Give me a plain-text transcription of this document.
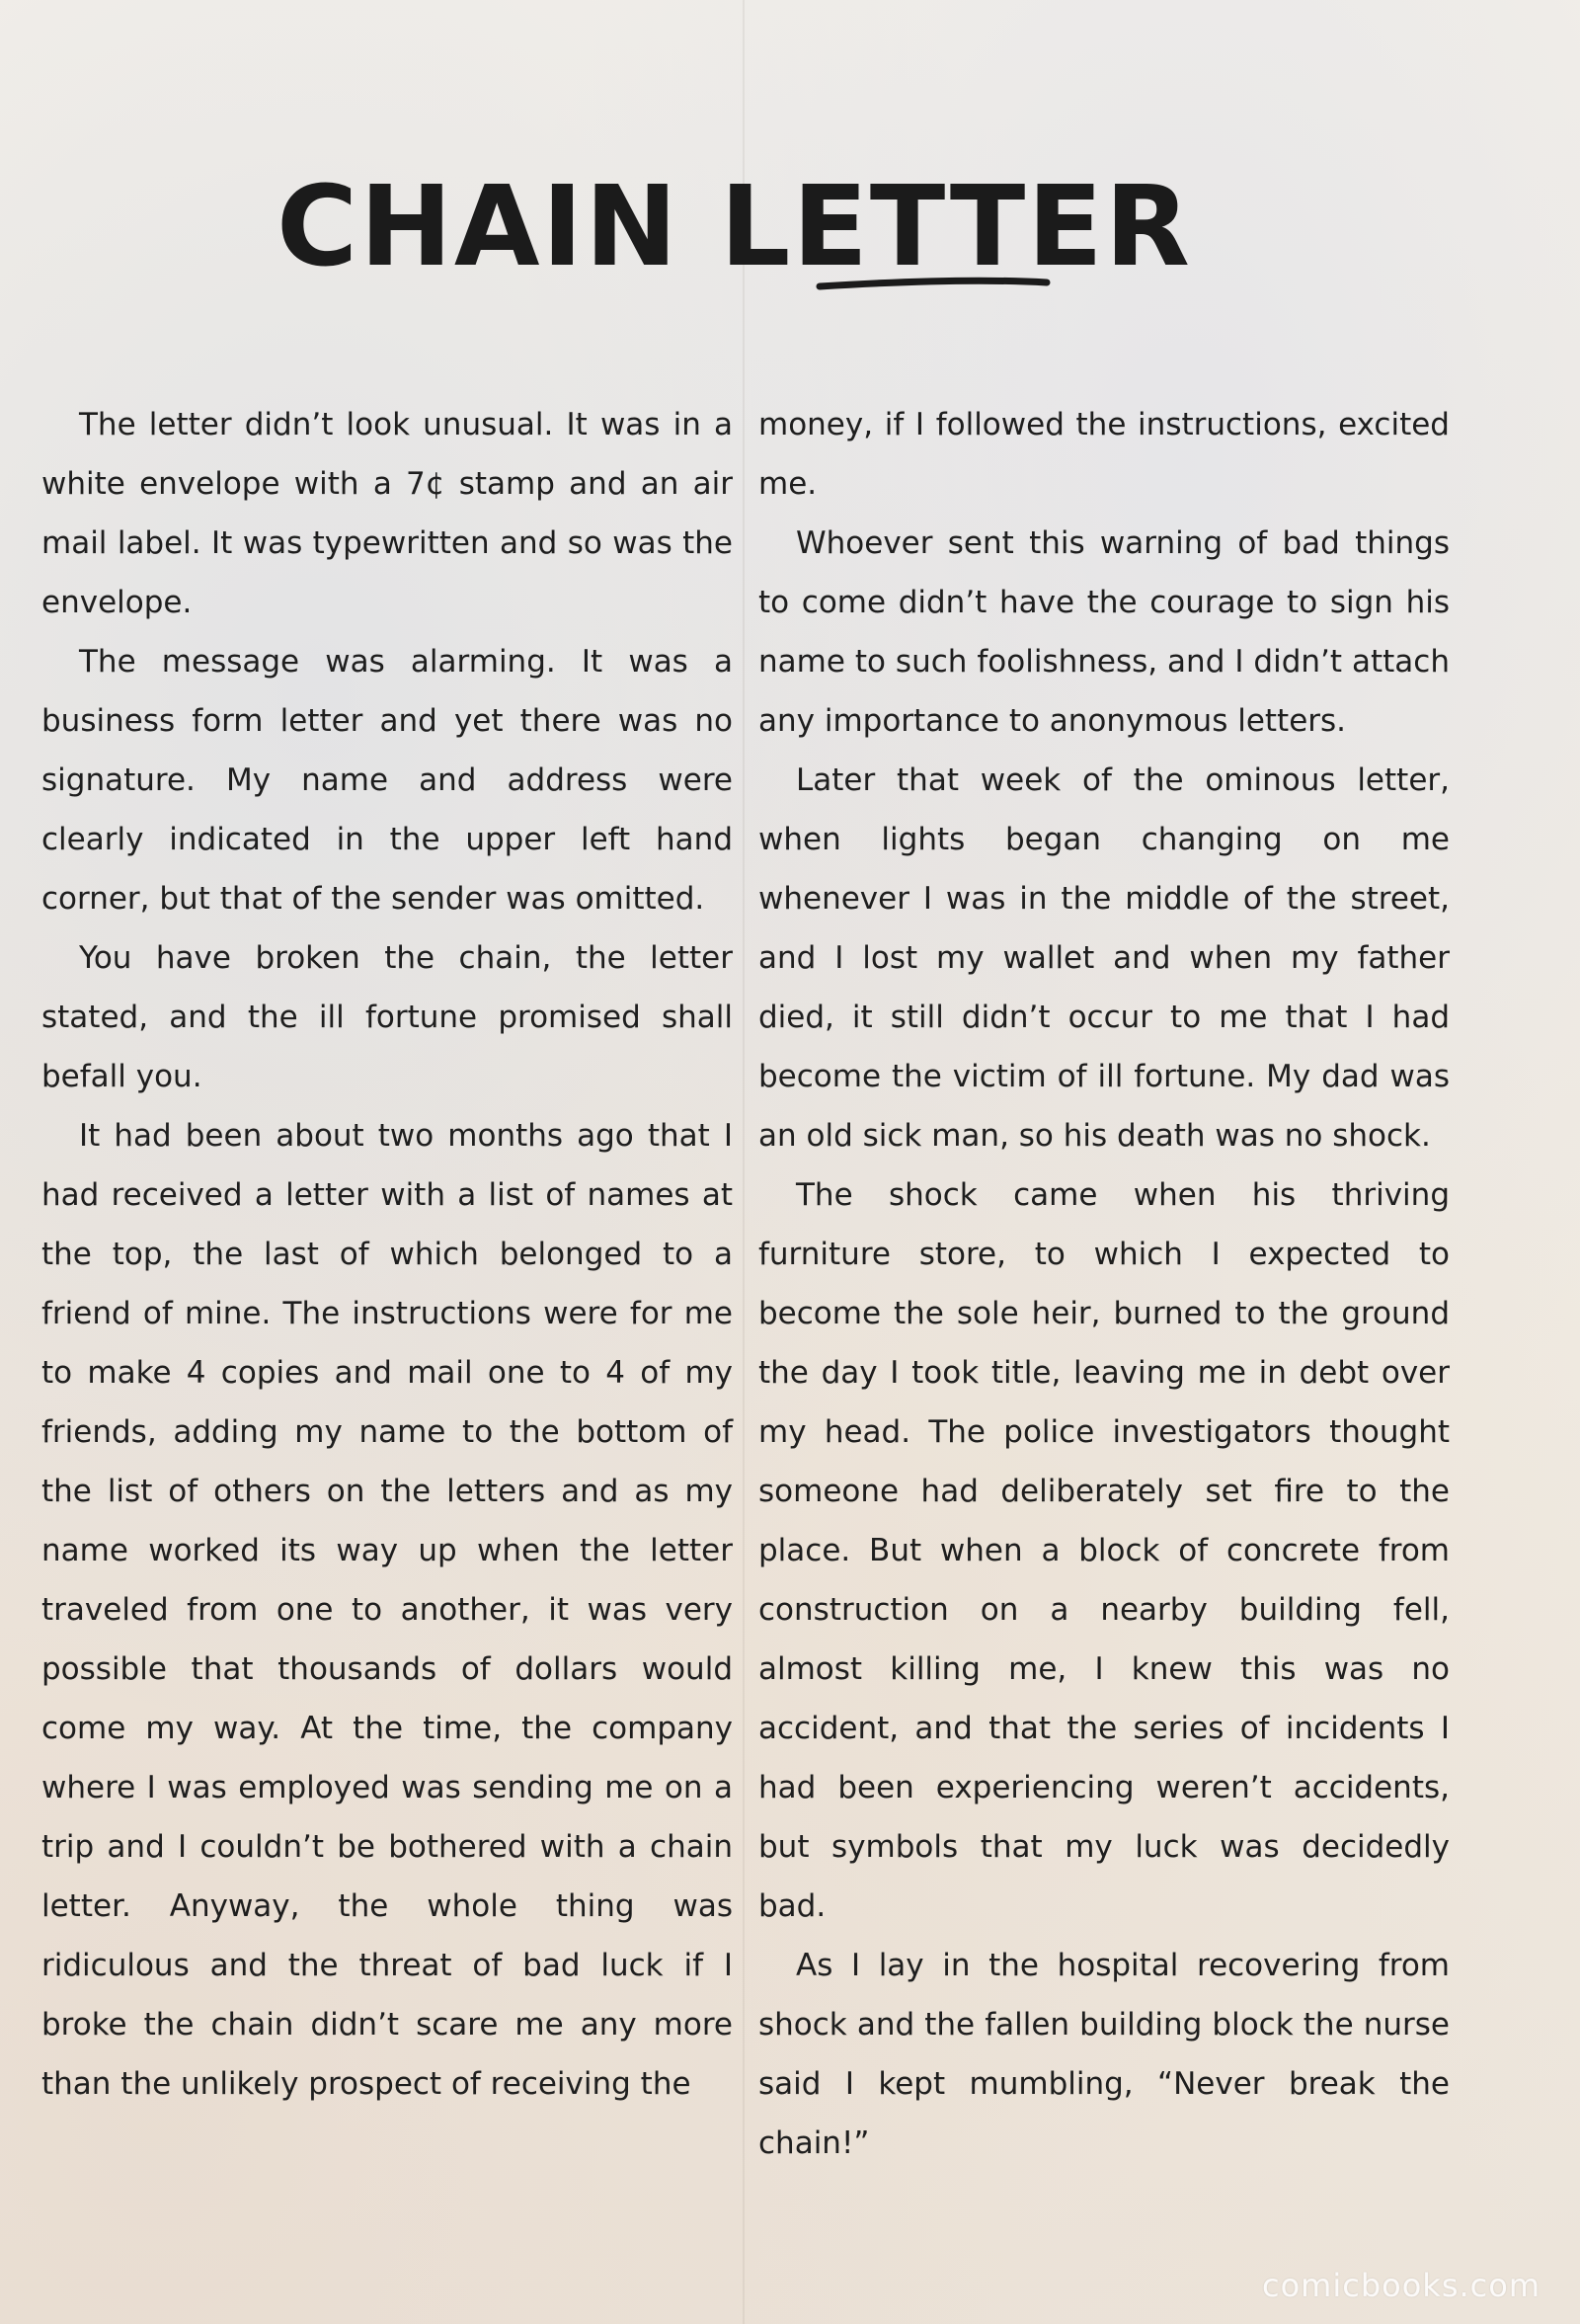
CHAIN LETTER

The letter didn’t look unusual. It was in a white envelope with a 7¢ stamp and an air mail label. It was typewritten and so was the envelope.

The message was alarming. It was a business form letter and yet there was no signature. My name and address were clearly indicated in the upper left hand corner, but that of the sender was omitted.

You have broken the chain, the letter stated, and the ill fortune promised shall befall you.

It had been about two months ago that I had received a letter with a list of names at the top, the last of which belonged to a friend of mine. The instructions were for me to make 4 copies and mail one to 4 of my friends, adding my name to the bottom of the list of others on the letters and as my name worked its way up when the letter traveled from one to another, it was very possible that thousands of dollars would come my way. At the time, the company where I was employed was sending me on a trip and I couldn’t be bothered with a chain letter. Anyway, the whole thing was ridiculous and the threat of bad luck if I broke the chain didn’t scare me any more than the unlikely prospect of receiving the

money, if I followed the instructions, excited me.

Whoever sent this warning of bad things to come didn’t have the courage to sign his name to such foolishness, and I didn’t attach any importance to anonymous letters.

Later that week of the ominous letter, when lights began changing on me whenever I was in the middle of the street, and I lost my wallet and when my father died, it still didn’t occur to me that I had become the victim of ill fortune. My dad was an old sick man, so his death was no shock.

The shock came when his thriving furniture store, to which I expected to become the sole heir, burned to the ground the day I took title, leaving me in debt over my head. The police investigators thought someone had deliberately set fire to the place. But when a block of concrete from construction on a nearby building fell, almost killing me, I knew this was no accident, and that the series of incidents I had been experiencing weren’t accidents, but symbols that my luck was decidedly bad.

As I lay in the hospital recovering from shock and the fallen building block the nurse said I kept mumbling, “Never break the chain!”

comicbooks.com
